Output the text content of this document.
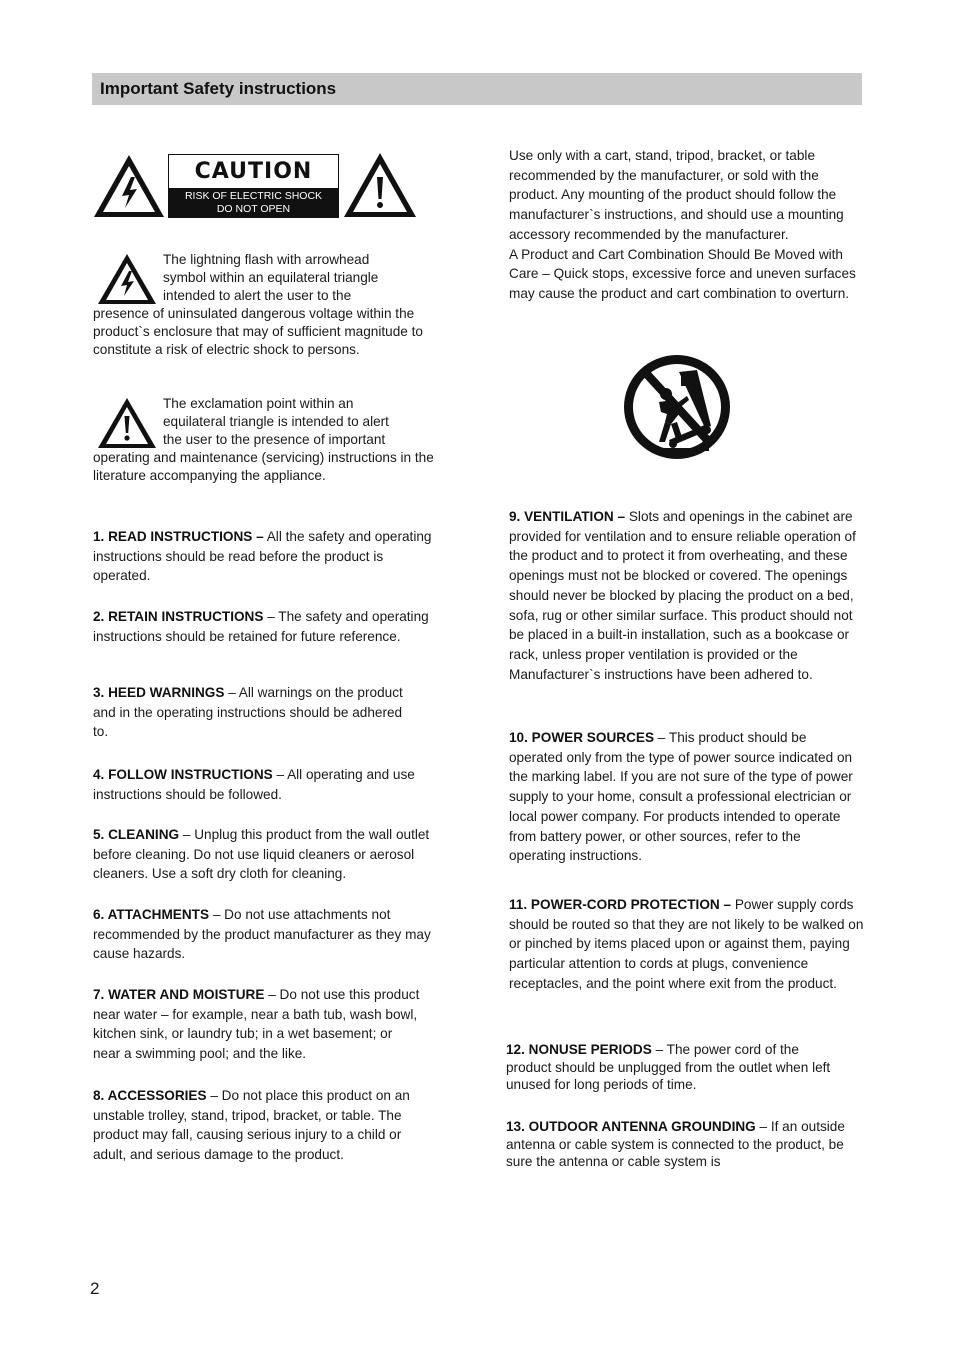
Important Safety instructions
CAUTION
RISK OF ELECTRIC SHOCK
DO NOT OPEN
The lightning flash with arrowhead
symbol within an equilateral triangle
intended to alert the user to the
presence of uninsulated dangerous voltage within the product`s enclosure that may of sufficient magnitude to constitute a risk of electric shock to persons.
The exclamation point within an
equilateral triangle is intended to alert
the user to the presence of important
operating and maintenance (servicing) instructions in the literature accompanying the appliance.
1. READ INSTRUCTIONS – All the safety and operating instructions should be read before the product is operated.
2. RETAIN INSTRUCTIONS – The safety and operating instructions should be retained for future reference.
3. HEED WARNINGS – All warnings on the product and in the operating instructions should be adhered to.
4. FOLLOW INSTRUCTIONS – All operating and use instructions should be followed.
5. CLEANING – Unplug this product from the wall outlet before cleaning. Do not use liquid cleaners or aerosol cleaners. Use a soft dry cloth for cleaning.
6. ATTACHMENTS – Do not use attachments not recommended by the product manufacturer as they may cause hazards.
7. WATER AND MOISTURE – Do not use this product near water – for example, near a bath tub, wash bowl, kitchen sink, or laundry tub; in a wet basement; or near a swimming pool; and the like.
8. ACCESSORIES – Do not place this product on an unstable trolley, stand, tripod, bracket, or table. The product may fall, causing serious injury to a child or adult, and serious damage to the product.
Use only with a cart, stand, tripod, bracket, or table recommended by the manufacturer, or sold with the product. Any mounting of the product should follow the manufacturer`s instructions, and should use a mounting accessory recommended by the manufacturer.
A Product and Cart Combination Should Be Moved with Care – Quick stops, excessive force and uneven surfaces may cause the product and cart combination to overturn.
9. VENTILATION – Slots and openings in the cabinet are provided for ventilation and to ensure reliable operation of the product and to protect it from overheating, and these openings must not be blocked or covered. The openings should never be blocked by placing the product on a bed, sofa, rug or other similar surface. This product should not be placed in a built-in installation, such as a bookcase or rack, unless proper ventilation is provided or the Manufacturer`s instructions have been adhered to.
10. POWER SOURCES – This product should be operated only from the type of power source indicated on the marking label. If you are not sure of the type of power supply to your home, consult a professional electrician or local power company. For products intended to operate from battery power, or other sources, refer to the operating instructions.
11. POWER-CORD PROTECTION – Power supply cords should be routed so that they are not likely to be walked on or pinched by items placed upon or against them, paying particular attention to cords at plugs, convenience receptacles, and the point where exit from the product.
12. NONUSE PERIODS – The power cord of the product should be unplugged from the outlet when left unused for long periods of time.
13. OUTDOOR ANTENNA GROUNDING – If an outside antenna or cable system is connected to the product, be sure the antenna or cable system is
2
